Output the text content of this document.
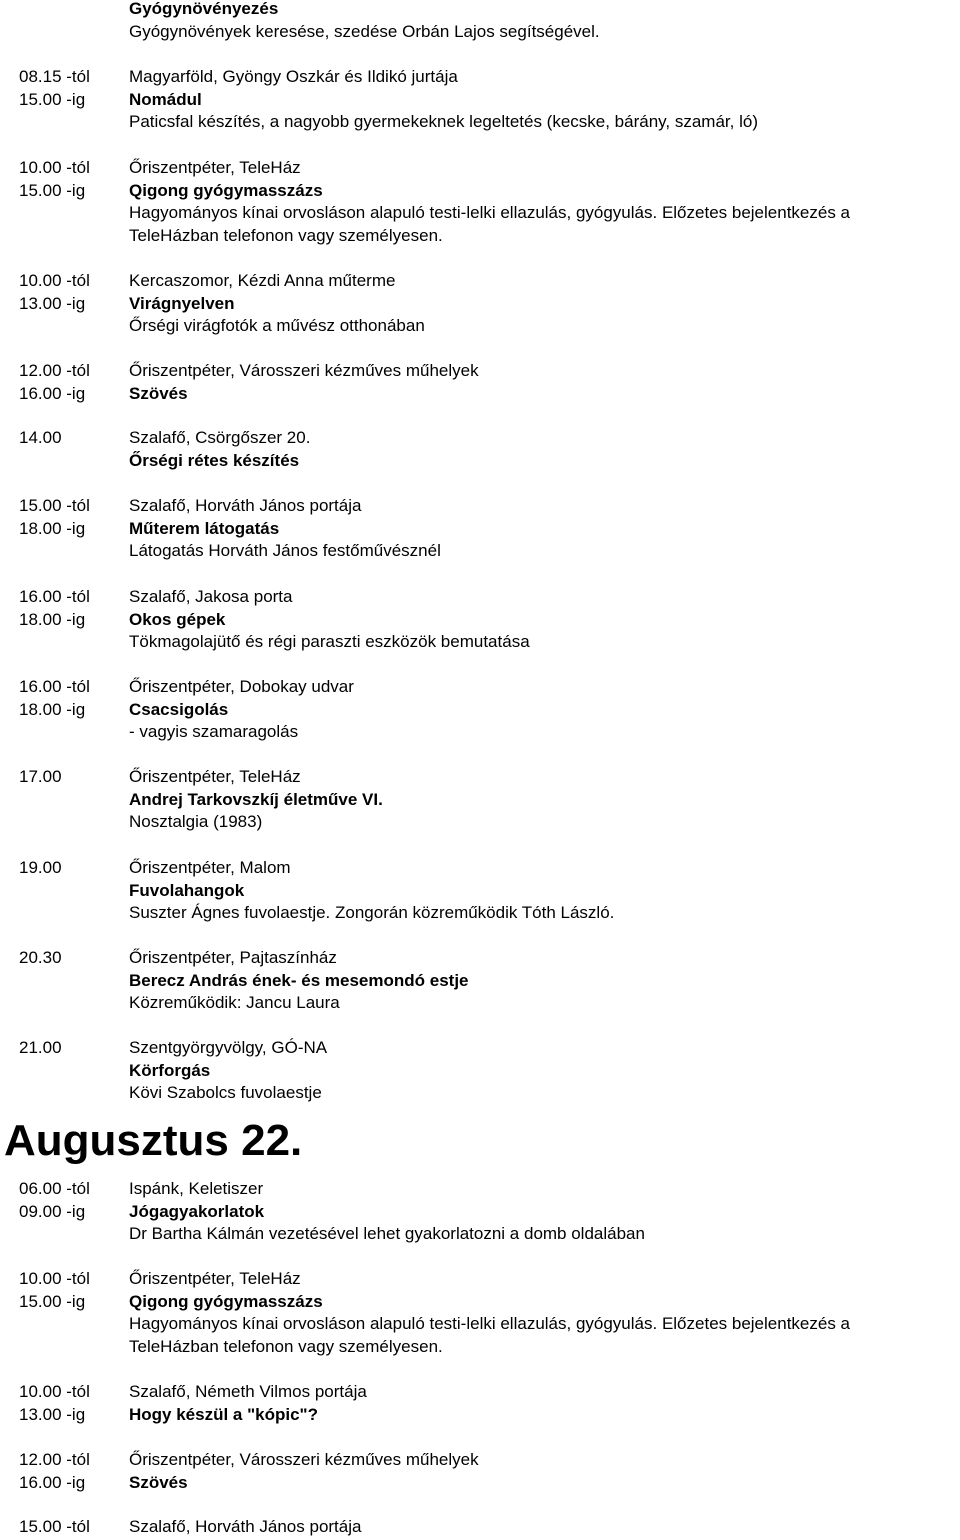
Gyógynövényezés
Gyógynövények keresése, szedése Orbán Lajos segítségével.
08.15 -tól Magyarföld, Gyöngy Oszkár és Ildikó jurtája
15.00 -ig	Nomádul
Paticsfal készítés, a nagyobb gyermekeknek legeltetés (kecske, bárány, szamár, ló)
10.00 -tól Őriszentpéter, TeleHáz
15.00 -ig	Qigong gyógymasszázs
Hagyományos kínai orvosláson alapuló testi-lelki ellazulás, gyógyulás. Előzetes bejelentkezés a
TeleHázban telefonon vagy személyesen.
10.00 -tól Kercaszomor, Kézdi Anna műterme
13.00 -ig	Virágnyelven
Őrségi virágfotók a művész otthonában
12.00 -tól Őriszentpéter, Városszeri kézműves műhelyek
16.00 -ig	Szövés
14.00	Szalafő, Csörgőszer 20.
Őrségi rétes készítés
15.00 -tól Szalafő, Horváth János portája
18.00 -ig	Műterem látogatás
Látogatás Horváth János festőművésznél
16.00 -tól Szalafő, Jakosa porta
18.00 -ig	Okos gépek
Tökmagolajütő és régi paraszti eszközök bemutatása
16.00 -tól Őriszentpéter, Dobokay udvar
18.00 -ig	Csacsigolás
- vagyis szamaragolás
17.00	Őriszentpéter, TeleHáz
Andrej Tarkovszkíj életműve VI.
Nosztalgia (1983)
19.00	Őriszentpéter, Malom
Fuvolahangok
Suszter Ágnes fuvolaestje. Zongorán közreműködik Tóth László.
20.30	Őriszentpéter, Pajtaszínház
Berecz András ének- és mesemondó estje
Közreműködik: Jancu Laura
21.00	Szentgyörgyvölgy, GÓ-NA
Körforgás
Kövi Szabolcs fuvolaestje
Augusztus 22.
06.00 -tól Ispánk, Keletiszer
09.00 -ig	Jógagyakorlatok
Dr Bartha Kálmán vezetésével lehet gyakorlatozni a domb oldalában
10.00 -tól Őriszentpéter, TeleHáz
15.00 -ig	Qigong gyógymasszázs
Hagyományos kínai orvosláson alapuló testi-lelki ellazulás, gyógyulás. Előzetes bejelentkezés a
TeleHázban telefonon vagy személyesen.
10.00 -tól Szalafő, Németh Vilmos portája
13.00 -ig	Hogy készül a "kópic"?
12.00 -tól Őriszentpéter, Városszeri kézműves műhelyek
16.00 -ig	Szövés
15.00 -tól Szalafő, Horváth János portája
